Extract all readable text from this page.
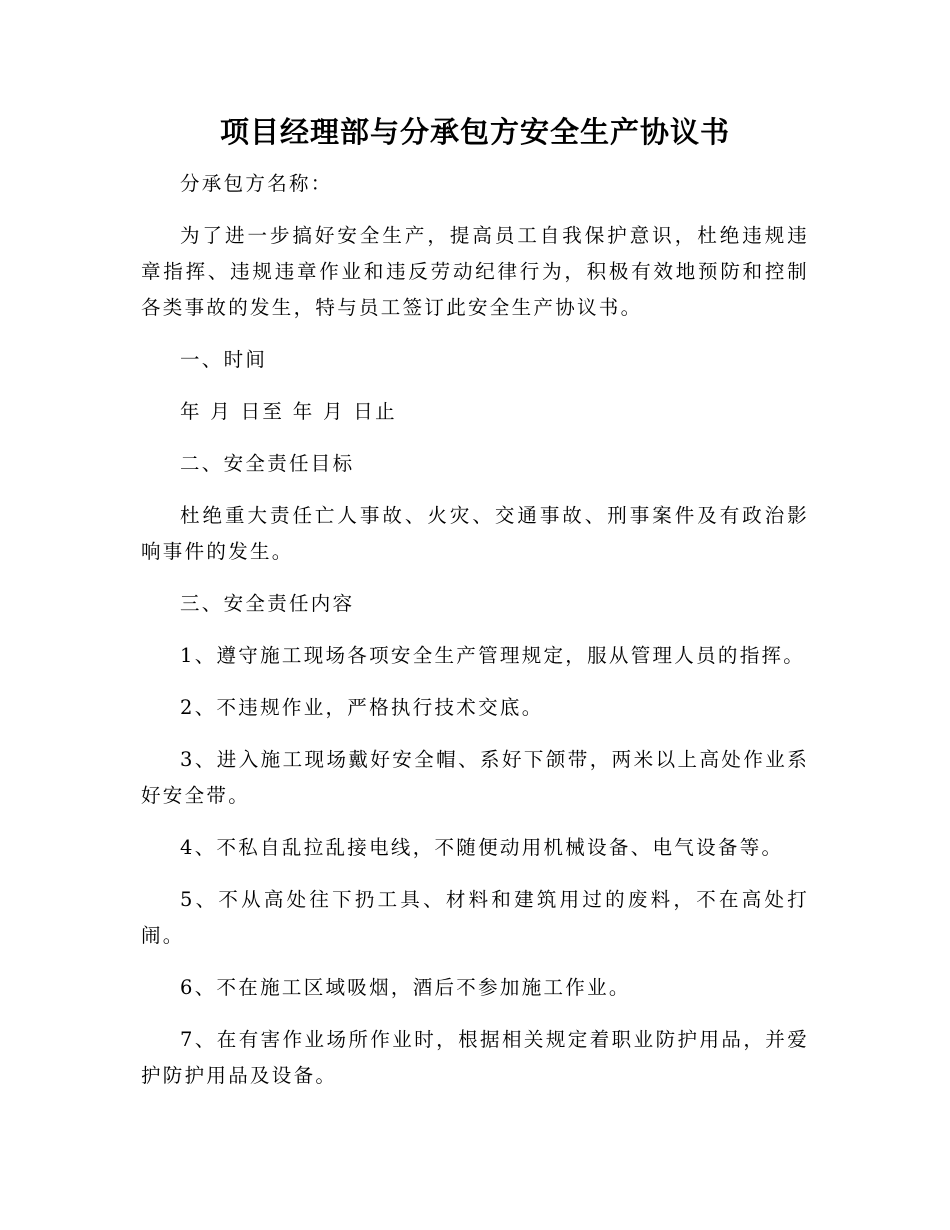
项目经理部与分承包方安全生产协议书

分承包方名称：

为了进一步搞好安全生产，提高员工自我保护意识，杜绝违规违章指挥、违规违章作业和违反劳动纪律行为，积极有效地预防和控制各类事故的发生，特与员工签订此安全生产协议书。

一、时间

年 月 日至 年 月 日止

二、安全责任目标

杜绝重大责任亡人事故、火灾、交通事故、刑事案件及有政治影响事件的发生。

三、安全责任内容

1、遵守施工现场各项安全生产管理规定，服从管理人员的指挥。

2、不违规作业，严格执行技术交底。

3、进入施工现场戴好安全帽、系好下颌带，两米以上高处作业系好安全带。

4、不私自乱拉乱接电线，不随便动用机械设备、电气设备等。

5、不从高处往下扔工具、材料和建筑用过的废料，不在高处打闹。

6、不在施工区域吸烟，酒后不参加施工作业。

7、在有害作业场所作业时，根据相关规定着职业防护用品，并爱护防护用品及设备。
